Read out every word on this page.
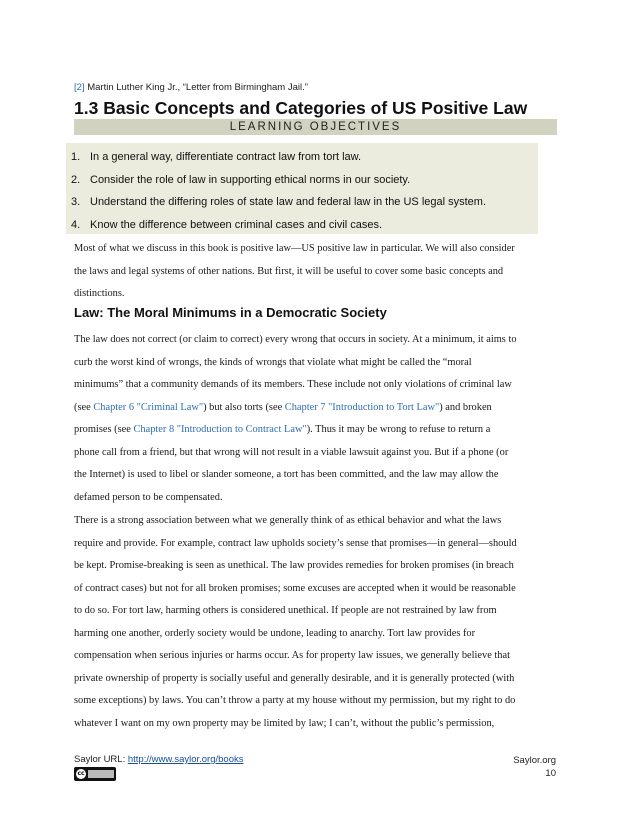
[2] Martin Luther King Jr., “Letter from Birmingham Jail.”
1.3 Basic Concepts and Categories of US Positive Law
LEARNING OBJECTIVES
1. In a general way, differentiate contract law from tort law.
2. Consider the role of law in supporting ethical norms in our society.
3. Understand the differing roles of state law and federal law in the US legal system.
4. Know the difference between criminal cases and civil cases.
Most of what we discuss in this book is positive law—US positive law in particular. We will also consider
the laws and legal systems of other nations. But first, it will be useful to cover some basic concepts and
distinctions.
Law: The Moral Minimums in a Democratic Society
The law does not correct (or claim to correct) every wrong that occurs in society. At a minimum, it aims to
curb the worst kind of wrongs, the kinds of wrongs that violate what might be called the “moral
minimums” that a community demands of its members. These include not only violations of criminal law
(see Chapter 6 "Criminal Law") but also torts (see Chapter 7 "Introduction to Tort Law") and broken
promises (see Chapter 8 "Introduction to Contract Law"). Thus it may be wrong to refuse to return a
phone call from a friend, but that wrong will not result in a viable lawsuit against you. But if a phone (or
the Internet) is used to libel or slander someone, a tort has been committed, and the law may allow the
defamed person to be compensated.
There is a strong association between what we generally think of as ethical behavior and what the laws
require and provide. For example, contract law upholds society’s sense that promises—in general—should
be kept. Promise-breaking is seen as unethical. The law provides remedies for broken promises (in breach
of contract cases) but not for all broken promises; some excuses are accepted when it would be reasonable
to do so. For tort law, harming others is considered unethical. If people are not restrained by law from
harming one another, orderly society would be undone, leading to anarchy. Tort law provides for
compensation when serious injuries or harms occur. As for property law issues, we generally believe that
private ownership of property is socially useful and generally desirable, and it is generally protected (with
some exceptions) by laws. You can’t throw a party at my house without my permission, but my right to do
whatever I want on my own property may be limited by law; I can’t, without the public’s permission,
Saylor URL: http://www.saylor.org/books
cc
Saylor.org
10
